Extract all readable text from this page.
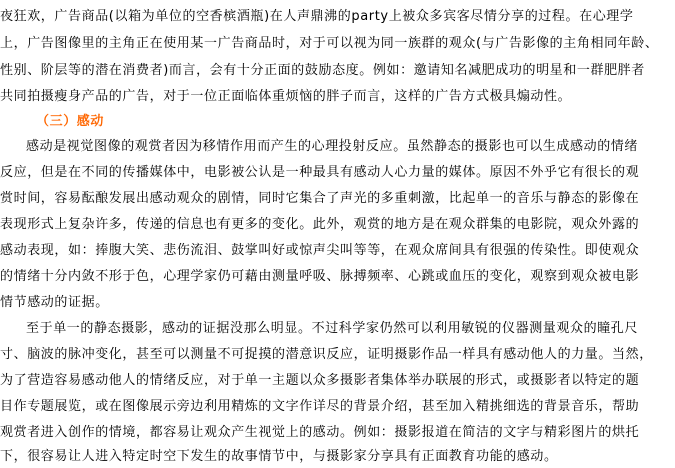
夜狂欢，广告商品(以箱为单位的空香槟酒瓶)在人声鼎沸的party上被众多宾客尽情分享的过程。在心理学
上，广告图像里的主角正在使用某一广告商品时，对于可以视为同一族群的观众(与广告影像的主角相同年龄、
性别、阶层等的潜在消费者)而言，会有十分正面的鼓励态度。例如：邀请知名减肥成功的明星和一群肥胖者
共同拍摄瘦身产品的广告，对于一位正面临体重烦恼的胖子而言，这样的广告方式极具煽动性。
（三）感动
感动是视觉图像的观赏者因为移情作用而产生的心理投射反应。虽然静态的摄影也可以生成感动的情绪
反应，但是在不同的传播媒体中，电影被公认是一种最具有感动人心力量的媒体。原因不外乎它有很长的观
赏时间，容易酝酿发展出感动观众的剧情，同时它集合了声光的多重刺激，比起单一的音乐与静态的影像在
表现形式上复杂许多，传递的信息也有更多的变化。此外，观赏的地方是在观众群集的电影院，观众外露的
感动表现，如：捧腹大笑、悲伤流泪、鼓掌叫好或惊声尖叫等等，在观众席间具有很强的传染性。即使观众
的情绪十分内敛不形于色，心理学家仍可藉由测量呼吸、脉搏频率、心跳或血压的变化，观察到观众被电影
情节感动的证据。
至于单一的静态摄影，感动的证据没那么明显。不过科学家仍然可以利用敏锐的仪器测量观众的瞳孔尺
寸、脑波的脉冲变化，甚至可以测量不可捉摸的潜意识反应，证明摄影作品一样具有感动他人的力量。当然，
为了营造容易感动他人的情绪反应，对于单一主题以众多摄影者集体举办联展的形式，或摄影者以特定的题
目作专题展览，或在图像展示旁边利用精炼的文字作详尽的背景介绍，甚至加入精挑细选的背景音乐，帮助
观赏者进入创作的情境，都容易让观众产生视觉上的感动。例如：摄影报道在简洁的文字与精彩图片的烘托
下，很容易让人进入特定时空下发生的故事情节中，与摄影家分享具有正面教育功能的感动。
